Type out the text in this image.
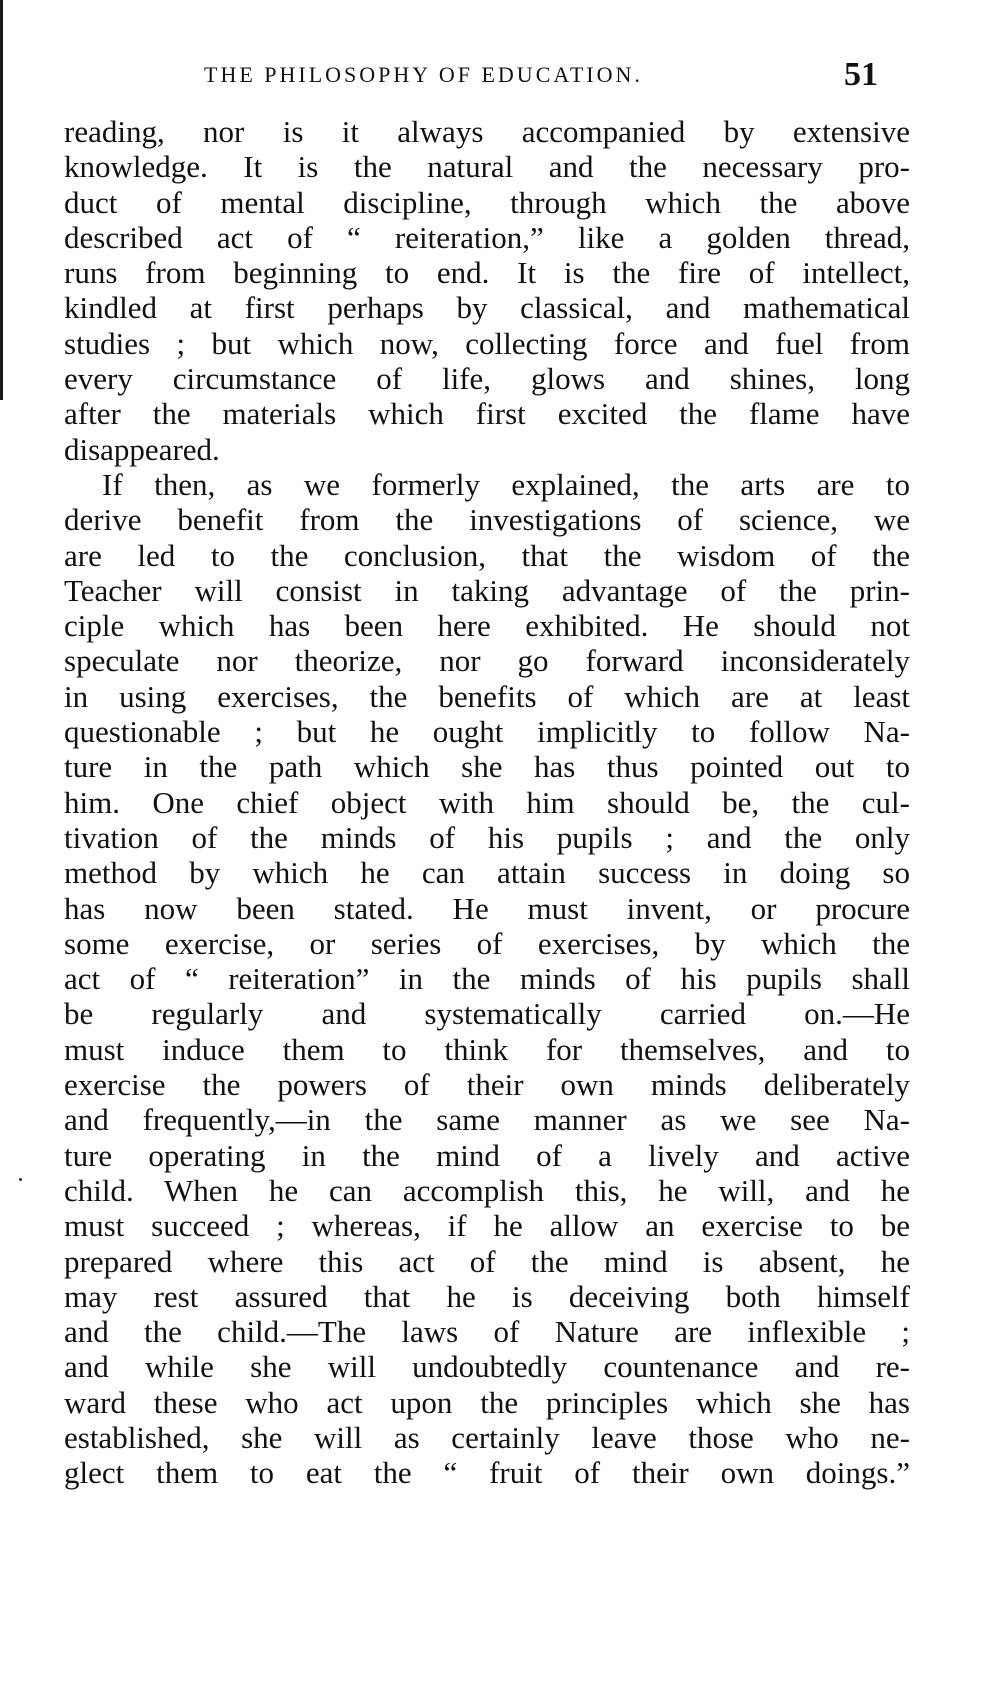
THE PHILOSOPHY OF EDUCATION.	51
reading, nor is it always accompanied by extensive
knowledge. It is the natural and the necessary pro-
duct of mental discipline, through which the above
described act of “ reiteration,” like a golden thread,
runs from beginning to end. It is the fire of intellect,
kindled at first perhaps by classical, and mathematical
studies ; but which now, collecting force and fuel from
every circumstance of life, glows and shines, long
after the materials which first excited the flame have
disappeared.
If then, as we formerly explained, the arts are to
derive benefit from the investigations of science, we
are led to the conclusion, that the wisdom of the
Teacher will consist in taking advantage of the prin-
ciple which has been here exhibited. He should not
speculate nor theorize, nor go forward inconsiderately
in using exercises, the benefits of which are at least
questionable ; but he ought implicitly to follow Na-
ture in the path which she has thus pointed out to
him. One chief object with him should be, the cul-
tivation of the minds of his pupils ; and the only
method by which he can attain success in doing so
has now been stated. He must invent, or procure
some exercise, or series of exercises, by which the
act of “ reiteration” in the minds of his pupils shall
be regularly and systematically carried on.—He
must induce them to think for themselves, and to
exercise the powers of their own minds deliberately
and frequently,—in the same manner as we see Na-
ture operating in the mind of a lively and active
child. When he can accomplish this, he will, and he
must succeed ; whereas, if he allow an exercise to be
prepared where this act of the mind is absent, he
may rest assured that he is deceiving both himself
and the child.—The laws of Nature are inflexible ;
and while she will undoubtedly countenance and re-
ward these who act upon the principles which she has
established, she will as certainly leave those who ne-
glect them to eat the “ fruit of their own doings.”
